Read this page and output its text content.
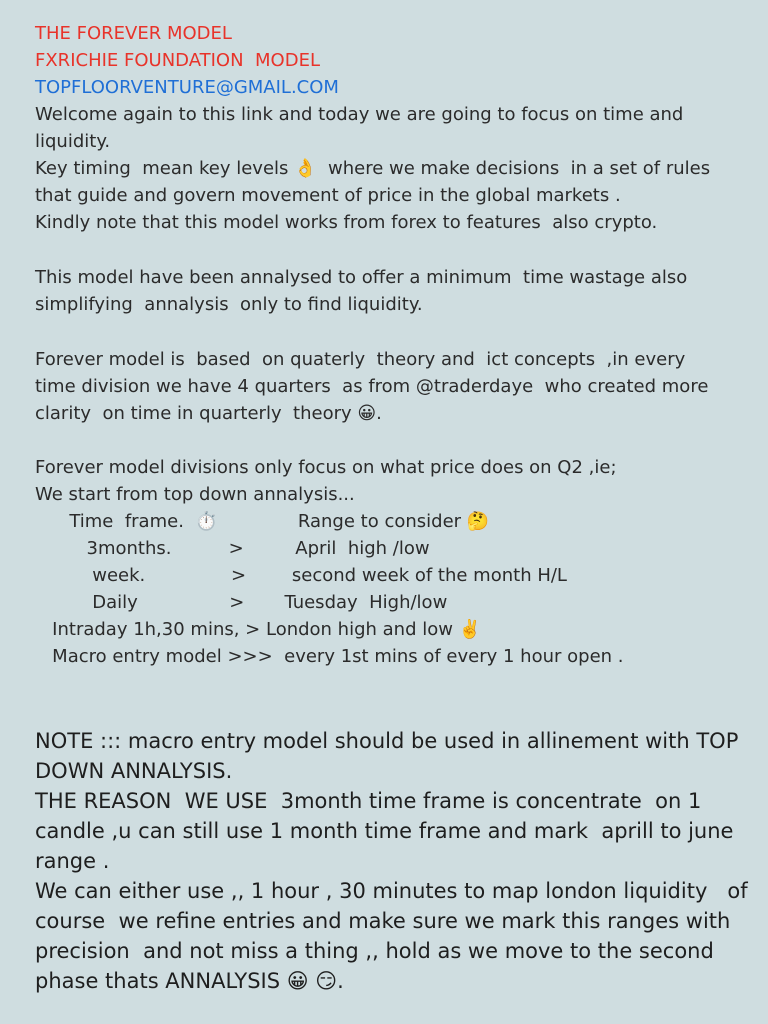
THE FOREVER MODEL
FXRICHIE FOUNDATION  MODEL
TOPFLOORVENTURE@GMAIL.COM
Welcome again to this link and today we are going to focus on time and
liquidity.
Key timing  mean key levels 👌  where we make decisions  in a set of rules
that guide and govern movement of price in the global markets .
Kindly note that this model works from forex to features  also crypto.
This model have been annalysed to offer a minimum  time wastage also
simplifying  annalysis  only to find liquidity.
Forever model is  based  on quaterly  theory and  ict concepts  ,in every
time division we have 4 quarters  as from @traderdaye  who created more
clarity  on time in quarterly  theory 😀.
Forever model divisions only focus on what price does on Q2 ,ie;
We start from top down annalysis...
Time  frame.  ⏱️              Range to consider 🤔
3months.          >         April  high /low
week.               >        second week of the month H/L
Daily                >       Tuesday  High/low
Intraday 1h,30 mins, > London high and low ✌️
Macro entry model >>>  every 1st mins of every 1 hour open .
NOTE ::: macro entry model should be used in allinement with TOP
DOWN ANNALYSIS.
THE REASON  WE USE  3month time frame is concentrate  on 1
candle ,u can still use 1 month time frame and mark  aprill to june
range .
We can either use ,, 1 hour , 30 minutes to map london liquidity   of
course  we refine entries and make sure we mark this ranges with
precision  and not miss a thing ,, hold as we move to the second
phase thats ANNALYSIS 😀 😏.
